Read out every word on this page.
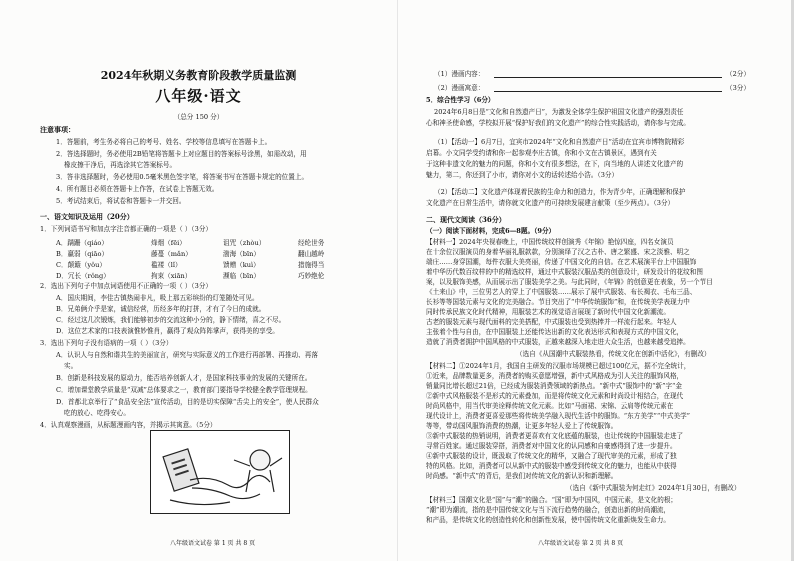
2024年秋期义务教育阶段教学质量监测
八年级·语文
（总分 150 分）
注意事项：
1．答题前，考生务必将自己的考号、姓名、学校等信息填写在答题卡上。
2．答选择题时，务必使用2B铅笔将答题卡上对应题目的答案标号涂黑，如需改动，用
橡皮擦干净后，再选涂其它答案标号。
3．答非选择题时，务必使用0.5毫米黑色签字笔，将答案书写在答题卡规定的位置上。
4．所有题目必须在答题卡上作答，在试卷上答题无效。
5．考试结束后，将试卷和答题卡一并交回。
一、语文知识及运用（20分）
1．下列词语书写和加点字注音都正确的一项是（ ）（3分）
A．蹒跚（qiáo）	烽烟（fēi）	诅咒（zhòu）	经纶世务
B．羸弱（qiāo）	藤蔓（mǎn）	渤海（bīn）	翻山越岭
C．颠簸（yǒu）	褴褛（lǐ）	馈赠（kuì）	措施得当
D．冗长（rǒng）	拘束（xiān）	濒临（bīn）	巧妙绝伦
2．选出下列句子中加点词语使用不正确的一项（ ）（3分）
A．国庆期间，李佳古镇热闹非凡，吸上那五彩缤纷的灯笼随处可见。
B．兄弟俩介乎是家，诚信经营，历经多年的打拼，才有了今日的成就。
C．经过这几次锻炼，我们能够初步的交流这种小分的，静下情绪，喜之不尽。
D．这位艺术家的口技表演惟妙惟肖，赢得了观众阵阵掌声，获得美的享受。
3．选出下列句子没有语病的一项（ ）（3分）
A．认识人与自然和谐共生的美丽宣言，研究与实际意义的工作进行再部署、再推动、再落
实。
B．创新是科技发展的原动力，能否培养创新人才，是国家科技事业的发展的关键所在。
C．增加课堂教学质量是“双减”总体要求之一，教育部门要指导学校健全教学管理规程。
D．首都北京举行了“食品安全法”宣传活动，目的是切实保障“舌尖上的安全”，使人民群众
吃的放心、吃得安心。
4．认真观察漫画，从标题漫画内容，并揭示其寓意。（5分）
八年级语文试卷 第 1 页 共 8 页
（1）漫画内容：	（2分）
（2）漫画寓意：	（3分）
5．综合性学习（6分）
2024年6月8日是“文化和自然遗产日”，为激发全体学生保护祖国文化遗产的强烈责任
心和神圣使命感，学校拟开展“保护好我们的文化遗产”的综合性实践活动，请你参与完成。
（1）【活动一】6月7日，宜宾市2024年“文化和自然遗产日”活动在宜宾市博物院精彩
启幕。小文同学受约请和你一起参观李庄古镇，你和小文在古镇景区，遇到有关
于这种非遗文化的魅力的问题，你和小文有很多想法，在下，向当地的人讲述文化遗产的
魅力，第二，你还到了小市，请你对小文的话转述给小浩。（3分）
（2）【活动二】文化遗产体现着民族的生命力和创造力，作为青少年，正确理解和保护
文化遗产在日常生活中，请你就文化遗产的可持续发展建言献策（至少两点）。（3分）
二、现代文阅读（36分）
（一）阅读下面材料，完成6—8题。（9分）
【材料一】2024年央视春晚上，中国传统纹样创演秀《年锦》艳惊四座，四名女演员
在十余位汉服演员的身着华丽礼服款款，分别演绎了汉之古朴、唐之繁盛、宋之淡雅、明之
端庄……身穿国潮，每件衣服大美亮丽，传递了中国文化的自信。在艺术展演平台上中国服饰
着中华历代数百纹样的中的精选纹样，通过中式服装汉服品类的创意设计，研发设计的花纹和图
案，以及服饰美感，从而展示出了服装美学之美。与此同时，《年锦》的创意更在表象，另一个节目
《土来山》中，三位男艺人的穿上了中国服装……展示了展中式服装、布长褐衣、毛布三品、
长衫等等国装元素与文化的完美融合。节目突出了“中华传统服饰”和，在传统美学表现力中
同时传承民族文化时代精神，用服装艺术的视觉语言展现了新时代中国文化新潮流。
古老的服装元素与现代面料的完美搭配，中式服装也受到热捧并一样流行起来。年轻人
主张着个性与自由，在中国服装上还能传达出新的文化表达形式和表现方式的中国文化，
造就了消费者拥护中国风格的中式服装，正越来越深入地走进大众生活，也越来越受追捧。
（选自《从国潮中式服装热看，传统文化在创新中活化》，有删改）
【材料二】①2024年1月，我国自主研发的汉服市场规模已超过100亿元，据不完全统计，
①近来，品牌数量更多，消费者的购买意愿增强，新中式风格成为引人关注的服饰风格，
销量同比增长超过21倍，已经成为服装消费领域的新热点。“新中式”服饰中的“新”字“金
②新中式风格服装不是形式的元素叠加，而是将传统文化元素和时尚设计相结合，在现代
时尚风格中，用当代审美诠释传统文化元素。比如“马面裙、宋锦、云肩等传统元素在
现代设计上，消费者更喜爱那些将传统美学融入现代生活中的服饰。“东方美学”“中式美学”
等等，带动国风服饰消费的热潮，让更多年轻人爱上了传统服饰。
③新中式服装的热销说明，消费者更喜欢有文化底蕴的服装，也让传统的中国服装走进了
寻常百姓家。通过服装穿搭，消费者对中国文化的认同感和自豪感得到了进一步提升。
④新中式服装的设计，既汲取了传统文化的精华，又融合了现代审美的元素，形成了独
特的风格。比如，消费者可以从新中式的服装中感受到传统文化的魅力，也能从中获得
时尚感。“新中式”的背后，是我们对传统文化的新认识和新理解。
（选自《新中式服装为何走红》2024年1月30日，有删改）
【材料三】国潮文化是“国”与“潮”的融合。“国”即为中国风，中国元素，是文化的根；
“潮”即为潮流，指的是中国传统文化与当下流行趋势的融合，创造出新的时尚潮流，
和产品，是传统文化的创造性转化和创新性发展，使中国传统文化重新焕发生命力。
八年级语文试卷 第 2 页 共 8 页
